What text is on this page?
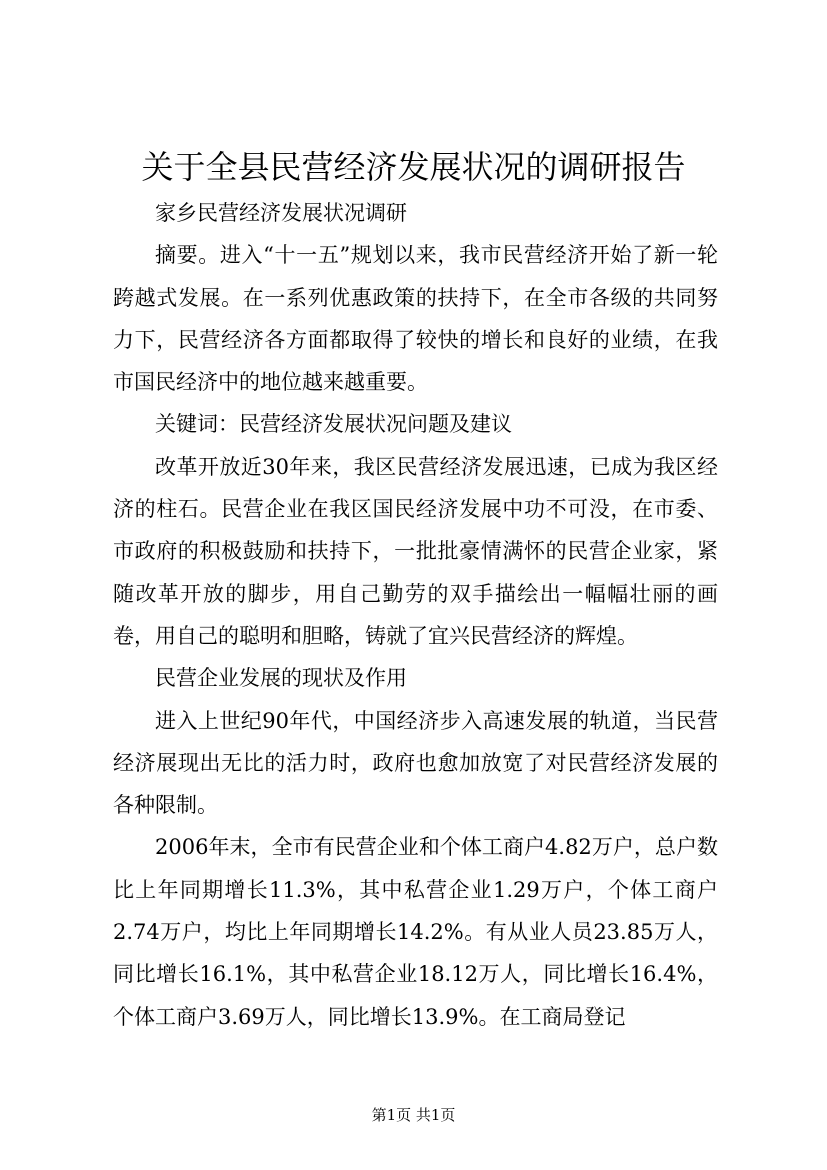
关于全县民营经济发展状况的调研报告

家乡民营经济发展状况调研

摘要。进入“十一五”规划以来，我市民营经济开始了新一轮跨越式发展。在一系列优惠政策的扶持下，在全市各级的共同努力下，民营经济各方面都取得了较快的增长和良好的业绩，在我市国民经济中的地位越来越重要。

关键词：民营经济发展状况问题及建议

改革开放近30年来，我区民营经济发展迅速，已成为我区经济的柱石。民营企业在我区国民经济发展中功不可没，在市委、市政府的积极鼓励和扶持下，一批批豪情满怀的民营企业家，紧随改革开放的脚步，用自己勤劳的双手描绘出一幅幅壮丽的画卷，用自己的聪明和胆略，铸就了宜兴民营经济的辉煌。

民营企业发展的现状及作用

进入上世纪90年代，中国经济步入高速发展的轨道，当民营经济展现出无比的活力时，政府也愈加放宽了对民营经济发展的各种限制。

2006年末，全市有民营企业和个体工商户4.82万户，总户数比上年同期增长11.3%，其中私营企业1.29万户，个体工商户2.74万户，均比上年同期增长14.2%。有从业人员23.85万人，同比增长16.1%，其中私营企业18.12万人，同比增长16.4%，个体工商户3.69万人，同比增长13.9%。在工商局登记

第1页 共1页
